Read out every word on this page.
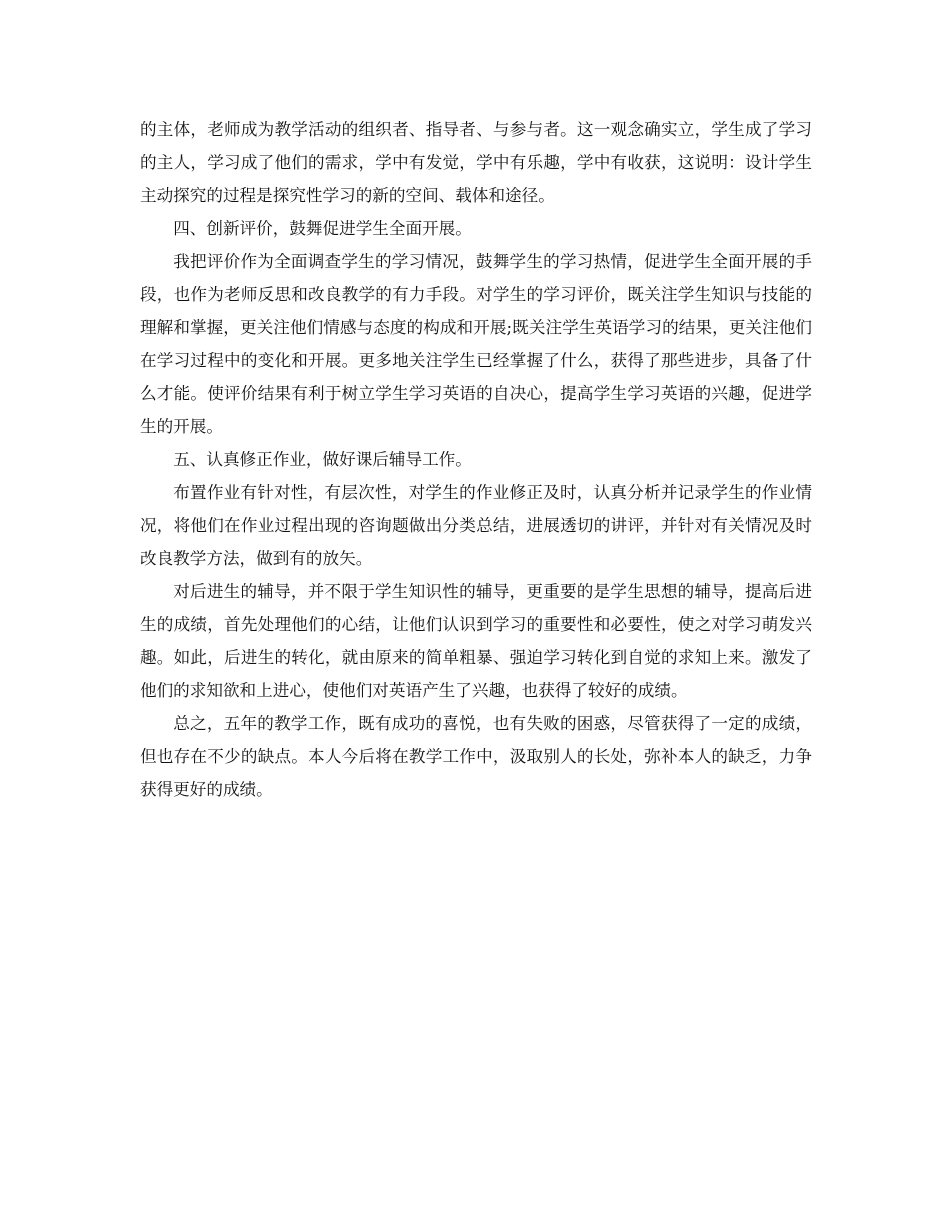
的主体，老师成为教学活动的组织者、指导者、与参与者。这一观念确实立，学生成了学习的主人，学习成了他们的需求，学中有发觉，学中有乐趣，学中有收获，这说明：设计学生主动探究的过程是探究性学习的新的空间、载体和途径。

四、创新评价，鼓舞促进学生全面开展。

我把评价作为全面调查学生的学习情况，鼓舞学生的学习热情，促进学生全面开展的手段，也作为老师反思和改良教学的有力手段。对学生的学习评价，既关注学生知识与技能的理解和掌握，更关注他们情感与态度的构成和开展;既关注学生英语学习的结果，更关注他们在学习过程中的变化和开展。更多地关注学生已经掌握了什么，获得了那些进步，具备了什么才能。使评价结果有利于树立学生学习英语的自决心，提高学生学习英语的兴趣，促进学生的开展。

五、认真修正作业，做好课后辅导工作。

布置作业有针对性，有层次性，对学生的作业修正及时，认真分析并记录学生的作业情况，将他们在作业过程出现的咨询题做出分类总结，进展透切的讲评，并针对有关情况及时改良教学方法，做到有的放矢。

对后进生的辅导，并不限于学生知识性的辅导，更重要的是学生思想的辅导，提高后进生的成绩，首先处理他们的心结，让他们认识到学习的重要性和必要性，使之对学习萌发兴趣。如此，后进生的转化，就由原来的简单粗暴、强迫学习转化到自觉的求知上来。激发了他们的求知欲和上进心，使他们对英语产生了兴趣，也获得了较好的成绩。

总之，五年的教学工作，既有成功的喜悦，也有失败的困惑，尽管获得了一定的成绩，但也存在不少的缺点。本人今后将在教学工作中，汲取别人的长处，弥补本人的缺乏，力争获得更好的成绩。
